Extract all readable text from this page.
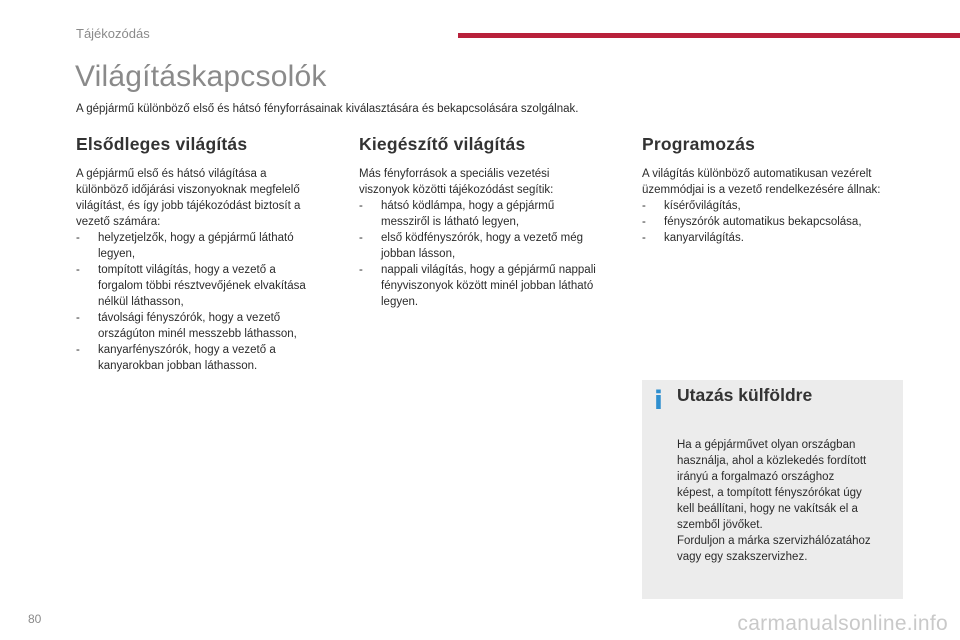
Tájékozódás
Világításkapcsolók
A gépjármű különböző első és hátsó fényforrásainak kiválasztására és bekapcsolására szolgálnak.
Elsődleges világítás

A gépjármű első és hátsó világítása a
különböző időjárási viszonyoknak megfelelő
világítást, és így jobb tájékozódást biztosít a
vezető számára:

- helyzetjelzők, hogy a gépjármű látható
legyen,
- tompított világítás, hogy a vezető a
forgalom többi résztvevőjének elvakítása
nélkül láthasson,
- távolsági fényszórók, hogy a vezető
országúton minél messzebb láthasson,
- kanyarfényszórók, hogy a vezető a
kanyarokban jobban láthasson.
Kiegészítő világítás

Más fényforrások a speciális vezetési
viszonyok közötti tájékozódást segítik:

- hátsó ködlámpa, hogy a gépjármű
messziről is látható legyen,
- első ködfényszórók, hogy a vezető még
jobban lásson,
- nappali világítás, hogy a gépjármű nappali
fényviszonyok között minél jobban látható
legyen.
Programozás

A világítás különböző automatikusan vezérelt
üzemmódjai is a vezető rendelkezésére állnak:

- kísérővilágítás,
- fényszórók automatikus bekapcsolása,
- kanyarvilágítás.
i Utazás külföldre

Ha a gépjárművet olyan országban
használja, ahol a közlekedés fordított
irányú a forgalmazó országhoz
képest, a tompított fényszórókat úgy
kell beállítani, hogy ne vakítsák el a
szemből jövőket.
Forduljon a márka szervizhálózatához
vagy egy szakszervizhez.

80	carmanualsonline.info
